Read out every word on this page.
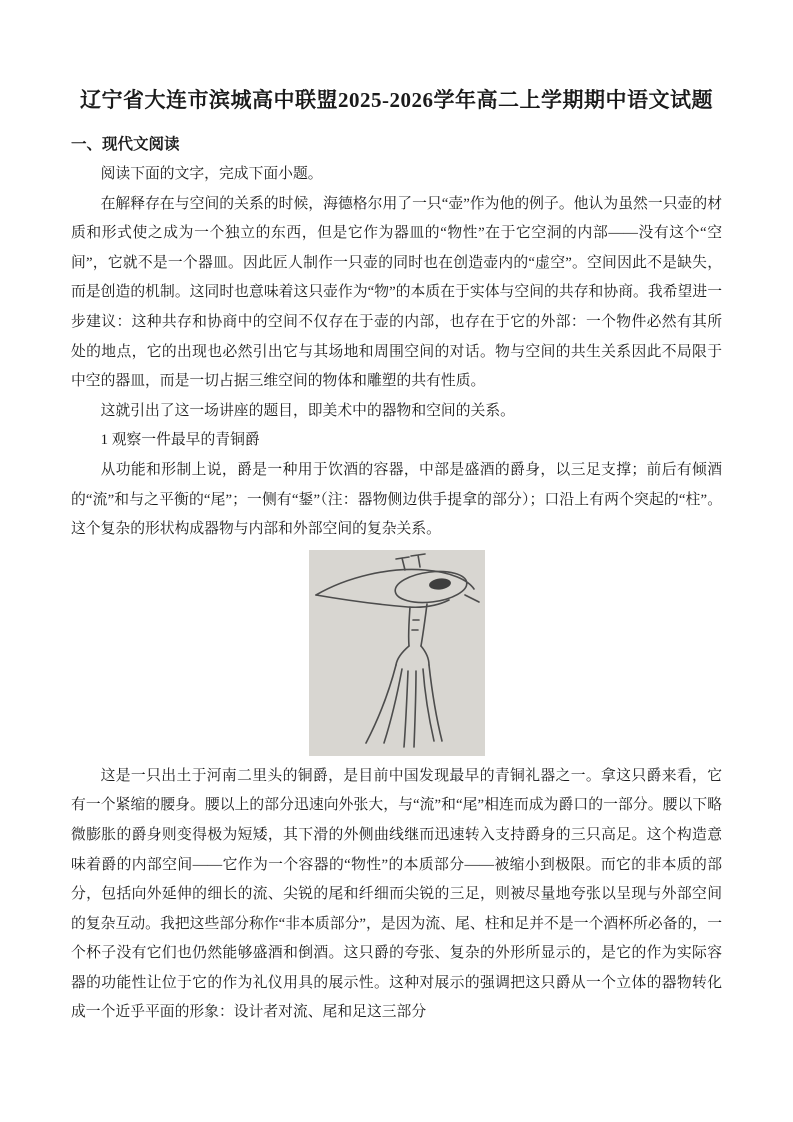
辽宁省大连市滨城高中联盟2025-2026学年高二上学期期中语文试题
一、现代文阅读

阅读下面的文字，完成下面小题。

在解释存在与空间的关系的时候，海德格尔用了一只“壶”作为他的例子。他认为虽然一只壶的材质和形式使之成为一个独立的东西，但是它作为器皿的“物性”在于它空洞的内部——没有这个“空间”，它就不是一个器皿。因此匠人制作一只壶的同时也在创造壶内的“虚空”。空间因此不是缺失，而是创造的机制。这同时也意味着这只壶作为“物”的本质在于实体与空间的共存和协商。我希望进一步建议：这种共存和协商中的空间不仅存在于壶的内部，也存在于它的外部：一个物件必然有其所处的地点，它的出现也必然引出它与其场地和周围空间的对话。物与空间的共生关系因此不局限于中空的器皿，而是一切占据三维空间的物体和雕塑的共有性质。

这就引出了这一场讲座的题目，即美术中的器物和空间的关系。

1 观察一件最早的青铜爵

从功能和形制上说，爵是一种用于饮酒的容器，中部是盛酒的爵身，以三足支撑；前后有倾酒的“流”和与之平衡的“尾”；一侧有“鋬”（注：器物侧边供手提拿的部分）；口沿上有两个突起的“柱”。这个复杂的形状构成器物与内部和外部空间的复杂关系。

这是一只出土于河南二里头的铜爵，是目前中国发现最早的青铜礼器之一。拿这只爵来看，它有一个紧缩的腰身。腰以上的部分迅速向外张大，与“流”和“尾”相连而成为爵口的一部分。腰以下略微膨胀的爵身则变得极为短矮，其下滑的外侧曲线继而迅速转入支持爵身的三只高足。这个构造意味着爵的内部空间——它作为一个容器的“物性”的本质部分——被缩小到极限。而它的非本质的部分，包括向外延伸的细长的流、尖锐的尾和纤细而尖锐的三足，则被尽量地夸张以呈现与外部空间的复杂互动。我把这些部分称作“非本质部分”，是因为流、尾、柱和足并不是一个酒杯所必备的，一个杯子没有它们也仍然能够盛酒和倒酒。这只爵的夸张、复杂的外形所显示的，是它的作为实际容器的功能性让位于它的作为礼仪用具的展示性。这种对展示的强调把这只爵从一个立体的器物转化成一个近乎平面的形象：设计者对流、尾和足这三部分
